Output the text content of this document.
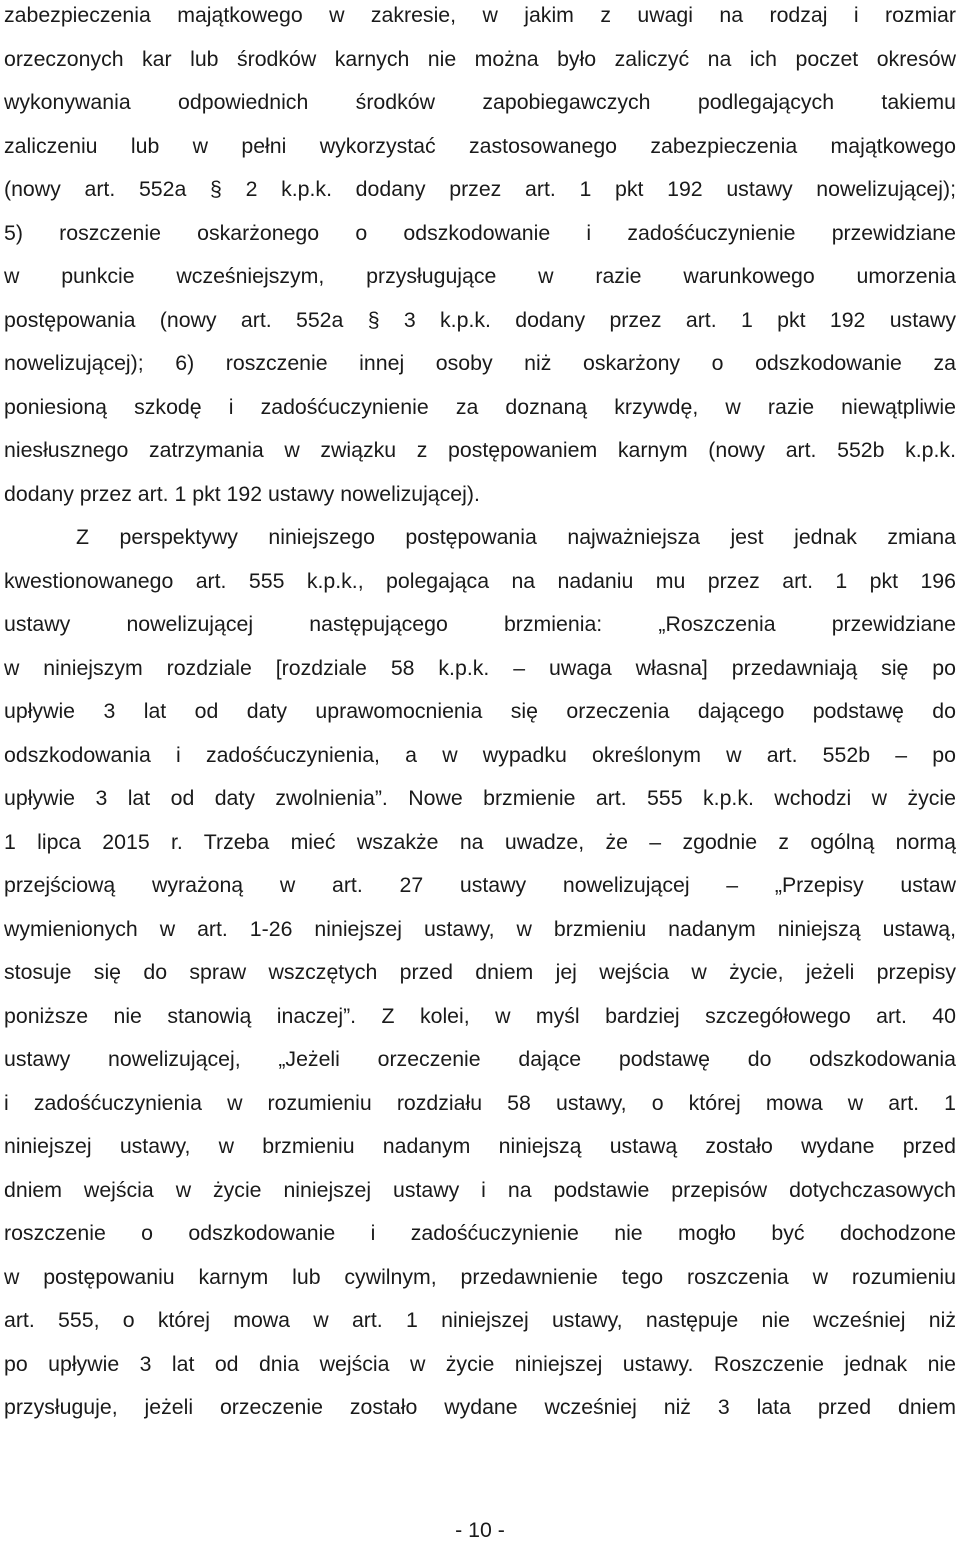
zabezpieczenia majątkowego w zakresie, w jakim z uwagi na rodzaj i rozmiar
orzeczonych kar lub środków karnych nie można było zaliczyć na ich poczet okresów
wykonywania odpowiednich środków zapobiegawczych podlegających takiemu
zaliczeniu lub w pełni wykorzystać zastosowanego zabezpieczenia majątkowego
(nowy art. 552a § 2 k.p.k. dodany przez art. 1 pkt 192 ustawy nowelizującej);
5) roszczenie oskarżonego o odszkodowanie i zadośćuczynienie przewidziane
w punkcie wcześniejszym, przysługujące w razie warunkowego umorzenia
postępowania (nowy art. 552a § 3 k.p.k. dodany przez art. 1 pkt 192 ustawy
nowelizującej); 6) roszczenie innej osoby niż oskarżony o odszkodowanie za
poniesioną szkodę i zadośćuczynienie za doznaną krzywdę, w razie niewątpliwie
niesłusznego zatrzymania w związku z postępowaniem karnym (nowy art. 552b k.p.k.
dodany przez art. 1 pkt 192 ustawy nowelizującej).
Z perspektywy niniejszego postępowania najważniejsza jest jednak zmiana
kwestionowanego art. 555 k.p.k., polegająca na nadaniu mu przez art. 1 pkt 196
ustawy nowelizującej następującego brzmienia: „Roszczenia przewidziane
w niniejszym rozdziale [rozdziale 58 k.p.k. – uwaga własna] przedawniają się po
upływie 3 lat od daty uprawomocnienia się orzeczenia dającego podstawę do
odszkodowania i zadośćuczynienia, a w wypadku określonym w art. 552b – po
upływie 3 lat od daty zwolnienia”. Nowe brzmienie art. 555 k.p.k. wchodzi w życie
1 lipca 2015 r. Trzeba mieć wszakże na uwadze, że – zgodnie z ogólną normą
przejściową wyrażoną w art. 27 ustawy nowelizującej – „Przepisy ustaw
wymienionych w art. 1-26 niniejszej ustawy, w brzmieniu nadanym niniejszą ustawą,
stosuje się do spraw wszczętych przed dniem jej wejścia w życie, jeżeli przepisy
poniższe nie stanowią inaczej”. Z kolei, w myśl bardziej szczegółowego art. 40
ustawy nowelizującej, „Jeżeli orzeczenie dające podstawę do odszkodowania
i zadośćuczynienia w rozumieniu rozdziału 58 ustawy, o której mowa w art. 1
niniejszej ustawy, w brzmieniu nadanym niniejszą ustawą zostało wydane przed
dniem wejścia w życie niniejszej ustawy i na podstawie przepisów dotychczasowych
roszczenie o odszkodowanie i zadośćuczynienie nie mogło być dochodzone
w postępowaniu karnym lub cywilnym, przedawnienie tego roszczenia w rozumieniu
art. 555, o której mowa w art. 1 niniejszej ustawy, następuje nie wcześniej niż
po upływie 3 lat od dnia wejścia w życie niniejszej ustawy. Roszczenie jednak nie
przysługuje, jeżeli orzeczenie zostało wydane wcześniej niż 3 lata przed dniem
- 10 -
